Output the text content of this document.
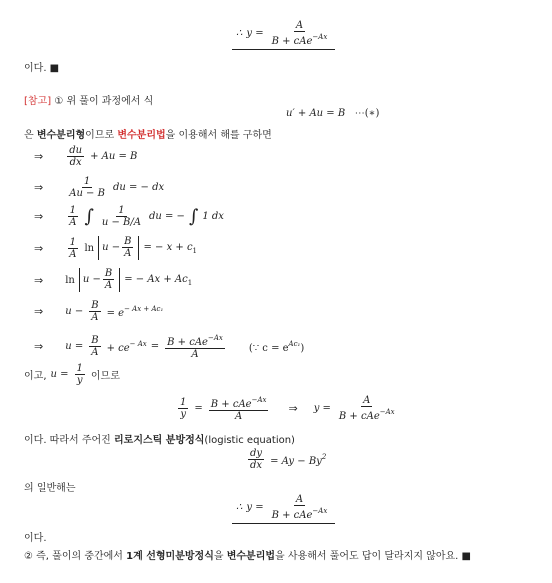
∴ $y = \frac{A}{B + cAe^{-Ax}}$
이다. ■
[참고] ① 위 풀이 과정에서 식
u′ + Au = B ⋯(∗)
은 변수분리형이므로 변수분리법을 이용해서 해를 구하면
⇒ $\frac{du}{dx} + Au = B$
⇒ $\frac{1}{Au - B}$ du = − dx
⇒ $\frac{1}{A}$ ∫ $\frac{1}{u - B/A}$ du = − ∫ 1 dx
⇒ $\frac{1}{A}$ $\ln u - \frac{B}{A}$ = − $x + c_1$
⇒ $\ln u - \frac{B}{A}$ = − $Ax + Ac_1$
⇒ $u - \frac{B}{A} = e^{- Ax + Ac_1}$
⇒ $u = \frac{B}{A} + ce^{- Ax} = \frac{B + cAe^{-Ax}}{A}$ (∵ $c = e^{Ac_1}$)
이고, $u = \frac{1}{y}$ 이므로
$\frac{1}{y} = \frac{B + cAe^{-Ax}}{A}$ ⇒ $y = \frac{A}{B + cAe^{-Ax}}$
이다. 따라서 주어진 리로지스틱 분방정식(logistic equation)
$\frac{dy}{dx} = Ay - By^2$
의 일반해는
∴ $y = \frac{A}{B + cAe^{-Ax}}$
이다.
② 즉, 풀이의 중간에서 1계 선형미분방정식을 변수분리법을 사용해서 풀어도 답이 달라지지 않아요. ■
